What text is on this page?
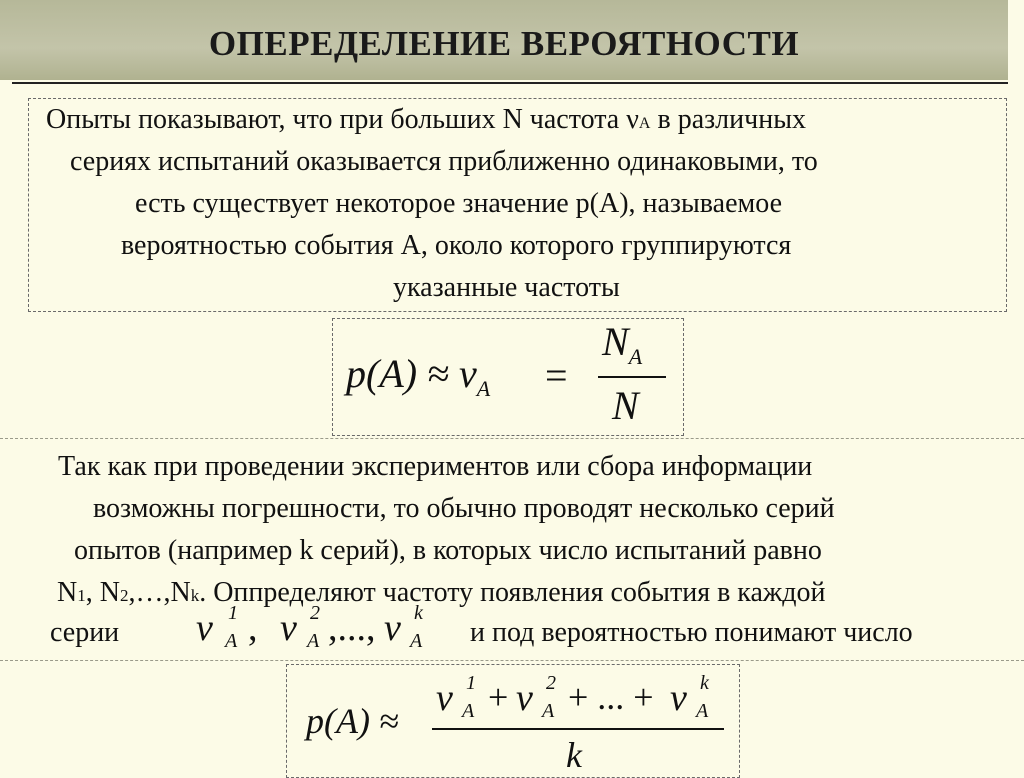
ОПЕРЕДЕЛЕНИЕ ВЕРОЯТНОСТИ
Опыты показывают, что при больших N частота νA в различных
сериях испытаний оказывается приближенно одинаковыми, то
есть существует некоторое значение p(A), называемое
вероятностью события А, около которого группируются
указанные частоты
$p(A) \approx \nu_A$ =
$N_A$
N
Так как при проведении экспериментов или сбора информации
возможны погрешности, то обычно проводят несколько серий
опытов (например k серий), в которых число испытаний равно
N1, N2,…,Nk. Оппределяют частоту появления события в каждой
серии	и под вероятностью понимают число
ν 1
A , ν 2
A ,..., ν k
A
p(A) ≈
ν 1
A + ν 2
A + ... + ν k
A
k
